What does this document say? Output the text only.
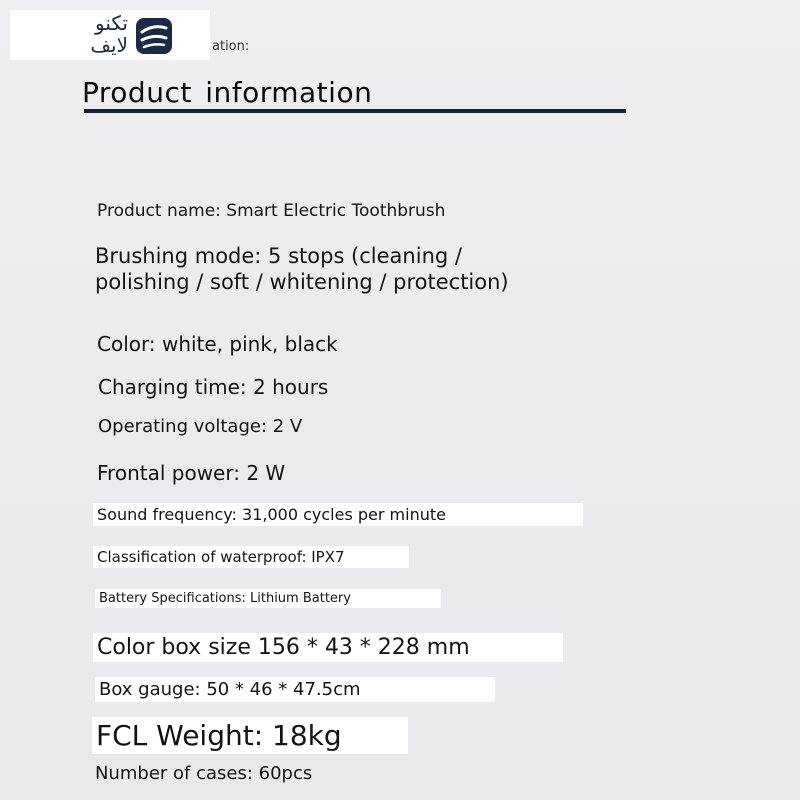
تكنو
لايف	ation:
Product information
Product name: Smart Electric Toothbrush
Brushing mode: 5 stops (cleaning /
polishing / soft / whitening / protection)
Color: white, pink, black
Charging time: 2 hours
Operating voltage: 2 V
Frontal power: 2 W
Sound frequency: 31,000 cycles per minute
Classification of waterproof: IPX7
Battery Specifications: Lithium Battery
Color box size 156 * 43 * 228 mm
Box gauge: 50 * 46 * 47.5cm
FCL Weight: 18kg
Number of cases: 60pcs
